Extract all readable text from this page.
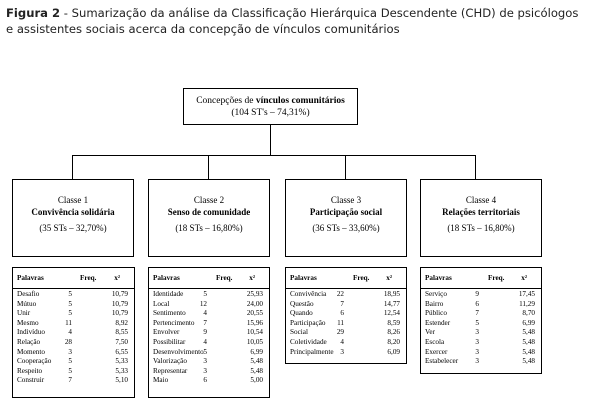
Figura 2 - Sumarização da análise da Classificação Hierárquica Descendente (CHD) de psicólogos e assistentes sociais acerca da concepção de vínculos comunitários
Concepções de vínculos comunitários
(104 ST's – 74,31%)
Classe 1
Convivência solidária
(35 STs – 32,70%)
Classe 2
Senso de comunidade
(18 STs – 16,80%)
Classe 3
Participação social
(36 STs – 33,60%)
Classe 4
Relações territoriais
(18 STs – 16,80%)
Palavras	Freq. x²
Desafio	5	10,79
Mútuo	5	10,79
Unir	5	10,79
Mesmo	11	8,92
Indivíduo	4	8,55
Relação	28	7,50
Momento	3	6,55
Cooperação 5	5,33
Respeito	5	5,33
Construir	7	5,10
Palavras	Freq. x²
Identidade	5	25,93
Local	12	24,00
Sentimento 4	20,55
Pertencimento 7	15,96
Envolver	9	10,54
Possibilitar	4	10,05
Desenvolvimento 5	6,99
Valorização 3	5,48
Representar 3	5,48
Maio	6	5,00
Palavras	Freq. x²
Convivência 22	18,95
Questão	7	14,77
Quando	6	12,54
Participação 11	8,59
Social	29	8,26
Coletividade 4	8,20
Principalmente 3	6,09
Palavras	Freq. x²
Serviço	9	17,45
Bairro	6	11,29
Público	7	8,70
Estender	5	6,99
Ver	3	5,48
Escola	3	5,48
Exercer	3	5,48
Estabelecer 3	5,48
